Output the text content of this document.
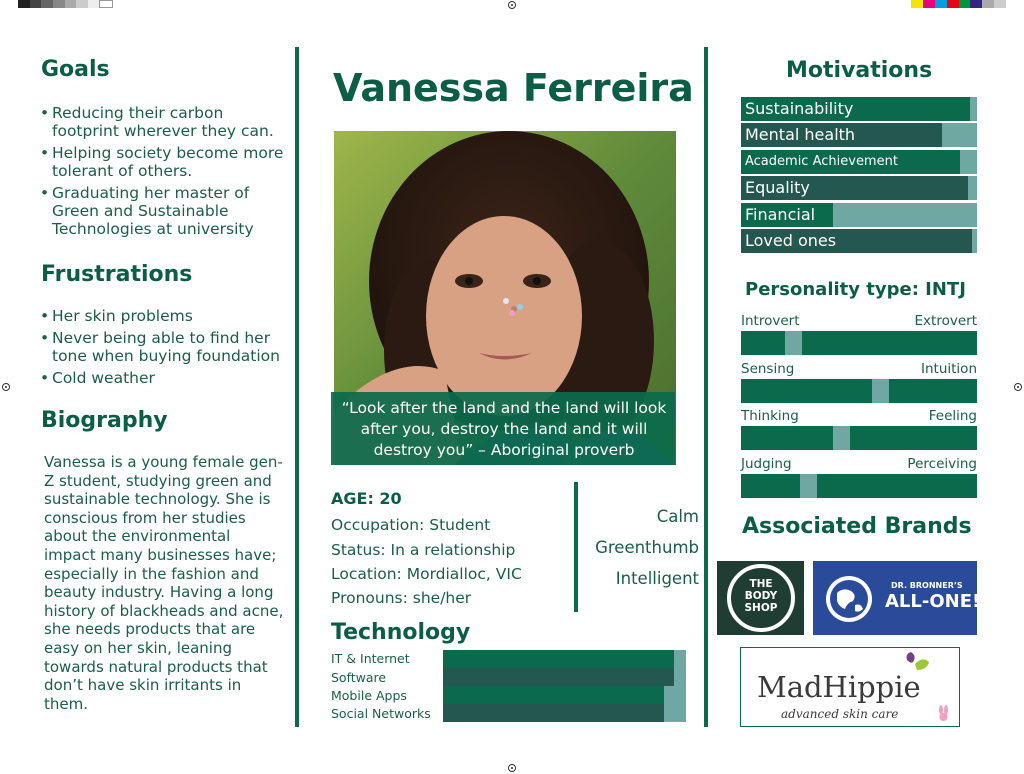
Goals
• Reducing their carbon footprint wherever they can.
• Helping society become more tolerant of others.
• Graduating her master of Green and Sustainable Technologies at university
Frustrations
• Her skin problems
• Never being able to find her tone when buying foundation
• Cold weather
Biography

Vanessa is a young female gen-Z student, studying green and sustainable technology. She is conscious from her studies about the environmental impact many businesses have; especially in the fashion and beauty industry. Having a long history of blackheads and acne, she needs products that are easy on her skin, leaning towards natural products that don’t have skin irritants in them.

Vanessa Ferreira
“Look after the land and the land will look after you, destroy the land and it will destroy you” – Aboriginal proverb
AGE: 20
Occupation: Student
Status: In a relationship
Location: Mordialloc, VIC
Pronouns: she/her
Calm
Greenthumb
Intelligent
Technology
IT & Internet
Software
Mobile Apps
Social Networks
Motivations
Sustainability
Mental health
Academic Achievement
Equality
Financial
Loved ones
Personality type: INTJ
Introvert	Extrovert
Sensing	Intuition
Thinking	Feeling
Judging	Perceiving
Associated Brands
THE BODY SHOP
DR. BRONNER’S
ALL-ONE!
MadHippie
advanced skin care
